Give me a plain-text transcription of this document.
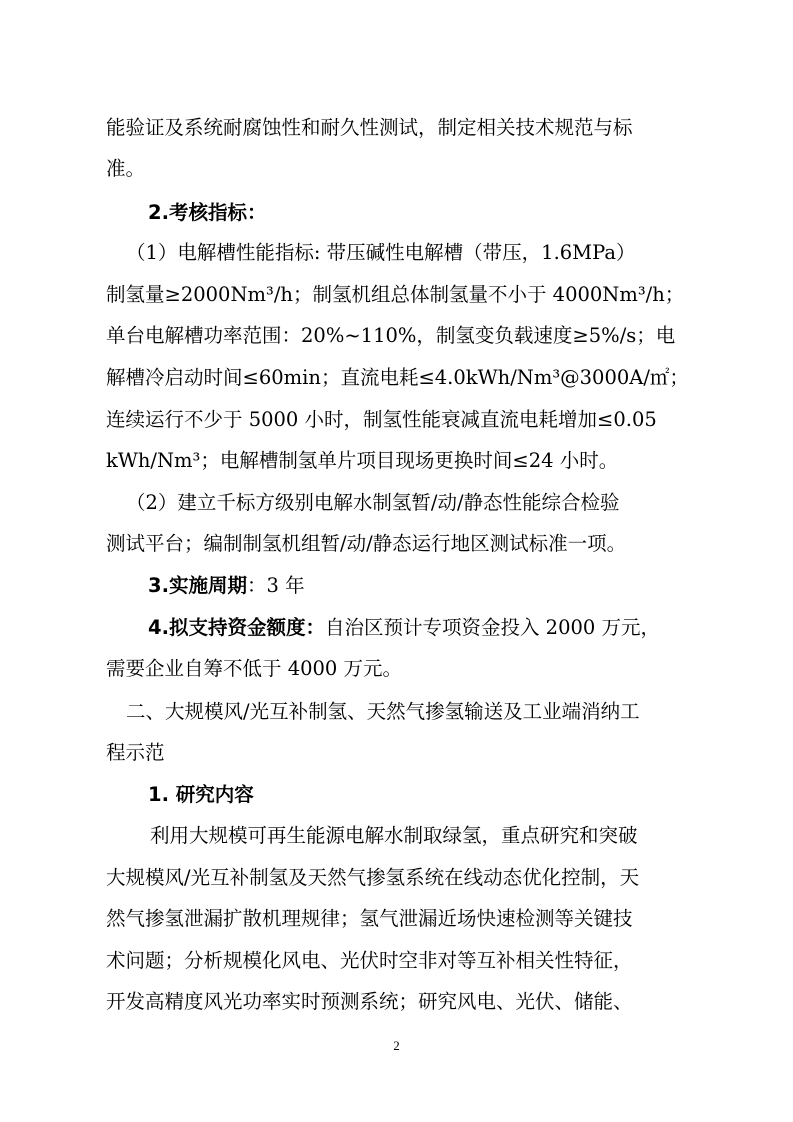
能验证及系统耐腐蚀性和耐久性测试，制定相关技术规范与标
准。
2.考核指标：
（1）电解槽性能指标: 带压碱性电解槽（带压，1.6MPa）
制氢量≥2000Nm³/h；制氢机组总体制氢量不小于 4000Nm³/h；
单台电解槽功率范围：20%~110%，制氢变负载速度≥5%/s；电
解槽冷启动时间≤60min；直流电耗≤4.0kWh/Nm³@3000A/㎡；
连续运行不少于 5000 小时，制氢性能衰减直流电耗增加≤0.05
kWh/Nm³；电解槽制氢单片项目现场更换时间≤24 小时。
（2）建立千标方级别电解水制氢暂/动/静态性能综合检验
测试平台；编制制氢机组暂/动/静态运行地区测试标准一项。
3.实施周期：3 年
4.拟支持资金额度：自治区预计专项资金投入 2000 万元，
需要企业自筹不低于 4000 万元。
二、大规模风/光互补制氢、天然气掺氢输送及工业端消纳工
程示范
1. 研究内容
利用大规模可再生能源电解水制取绿氢，重点研究和突破
大规模风/光互补制氢及天然气掺氢系统在线动态优化控制，天
然气掺氢泄漏扩散机理规律；氢气泄漏近场快速检测等关键技
术问题；分析规模化风电、光伏时空非对等互补相关性特征，
开发高精度风光功率实时预测系统；研究风电、光伏、储能、
2
